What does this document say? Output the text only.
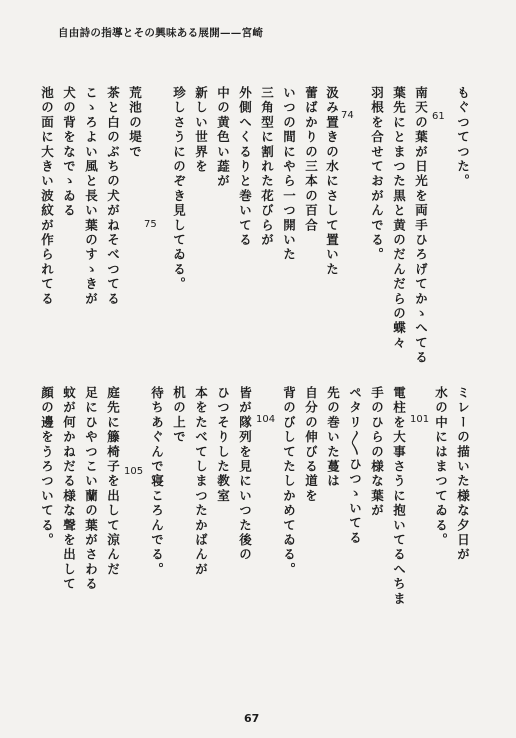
自由詩の指導とその興味ある展開——宮崎
もぐつてつた。
南天の葉が日光を両手ひろげてかゝへてる
葉先にとまつた黒と黄のだんだらの蝶々
羽根を合せておがんでる。
汲み置きの水にさして置いた
蕾ばかりの三本の百合
いつの間にやら一つ開いた
三角型に割れた花びらが
外側へくるりと巻いてる
中の黄色い蕋が
新しい世界を
珍しさうにのぞき見してゐる。
荒池の堤で
茶と白のぶちの犬がねそべつてる
こゝろよい風と長い葉のすゝきが
犬の背をなでゝゐる
池の面に大きい波紋が作られてる	61
74
75
ミレーの描いた様な夕日が
水の中にはまつてゐる。
電柱を大事さうに抱いてるへちま
手のひらの様な葉が
ペタリ〳〵ひつゝいてる
先の巻いた蔓は
自分の伸びる道を
背のびしてたしかめてゐる。
皆が隊列を見にいつた後の
ひつそりした教室
本をたべてしまつたかばんが
机の上で
待ちあぐんで寝ころんでる。
庭先に籐椅子を出して涼んだ
足にひやつこい蘭の葉がさわる
蚊が何かねだる様な聲を出して
顔の邊をうろついてる。	101
104
105
67
